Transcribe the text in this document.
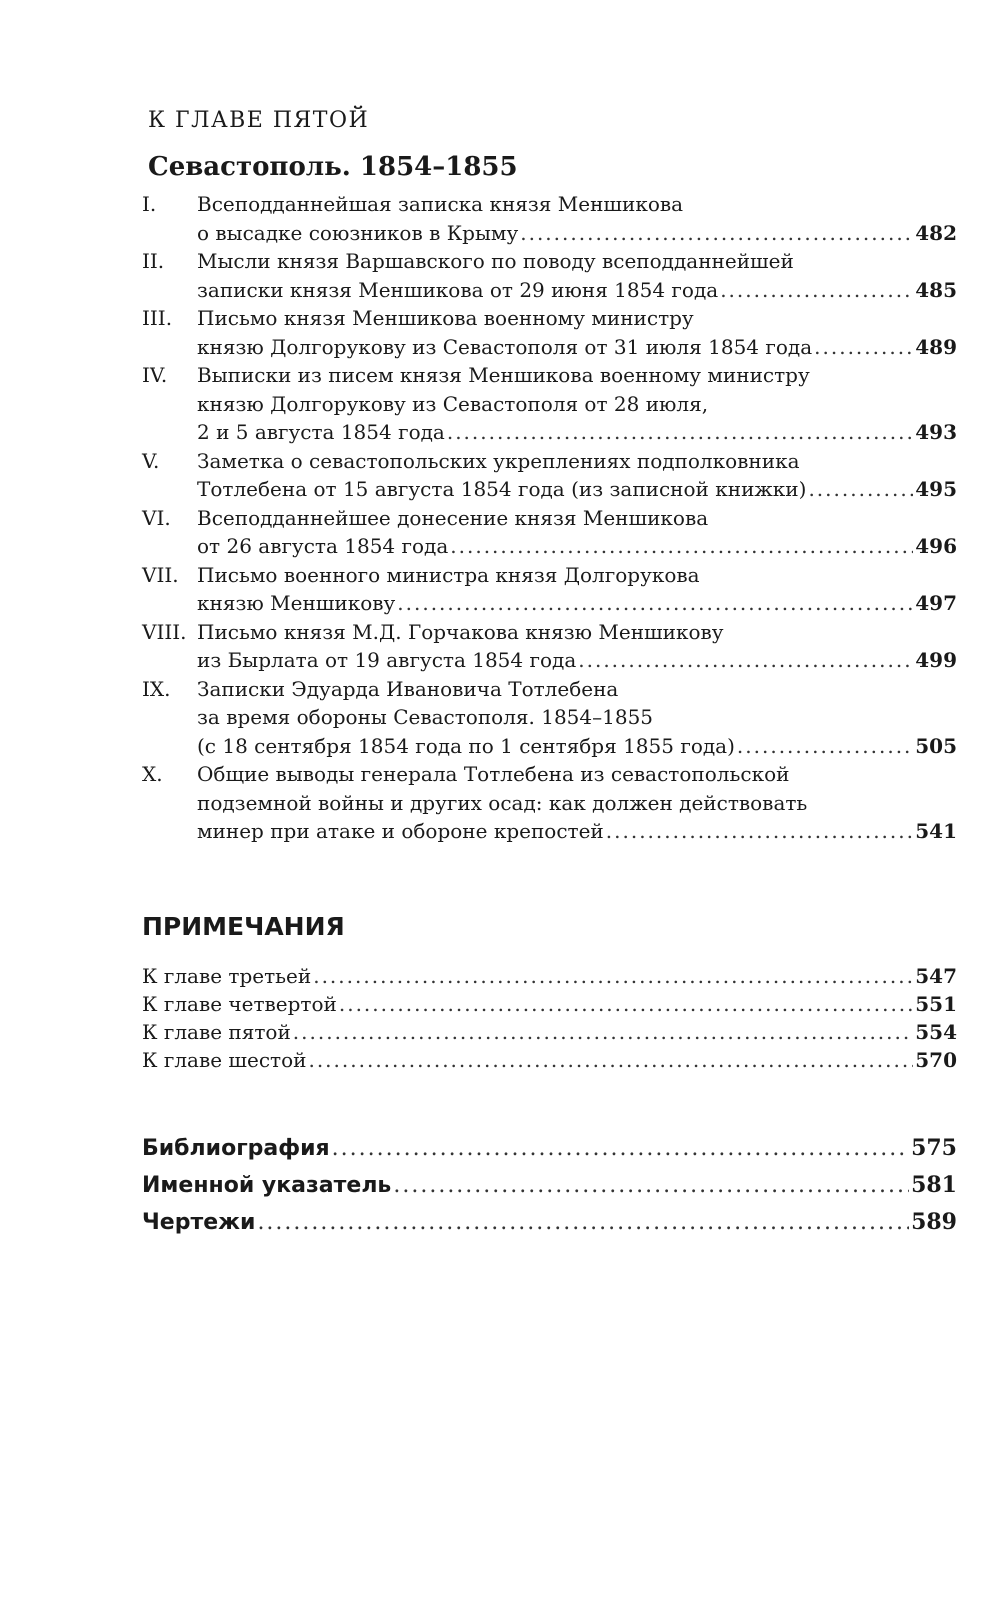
К ГЛАВЕ ПЯТОЙ
Севастополь. 1854–1855
I.	Всеподданнейшая записка князя Меншикова
о высадке союзников в Крыму .....	482
II.	Мысли князя Варшавского по поводу всеподданнейшей
записки князя Меншикова от 29 июня 1854 года .....	485
III.	Письмо князя Меншикова военному министру
князю Долгорукову из Севастополя от 31 июля 1854 года .....	489
IV.	Выписки из писем князя Меншикова военному министру
князю Долгорукову из Севастополя от 28 июля,
2 и 5 августа 1854 года .....	493
V.	Заметка о севастопольских укреплениях подполковника
Тотлебена от 15 августа 1854 года (из записной книжки) .....	495
VI.	Всеподданнейшее донесение князя Меншикова
от 26 августа 1854 года .....	496
VII. Письмо военного министра князя Долгорукова
князю Меншикову .....	497
VIII. Письмо князя М.Д. Горчакова князю Меншикову
из Бырлата от 19 августа 1854 года .....	499
IX.	Записки Эдуарда Ивановича Тотлебена
за время обороны Севастополя. 1854–1855
(с 18 сентября 1854 года по 1 сентября 1855 года) .....	505
X.	Общие выводы генерала Тотлебена из севастопольской
подземной войны и других осад: как должен действовать
минер при атаке и обороне крепостей .....	541
ПРИМЕЧАНИЯ
К главе третьей .....	547
К главе четвертой .....	551
К главе пятой .....	554
К главе шестой .....	570
Библиография .....	575
Именной указатель .....	581
Чертежи .....	589
